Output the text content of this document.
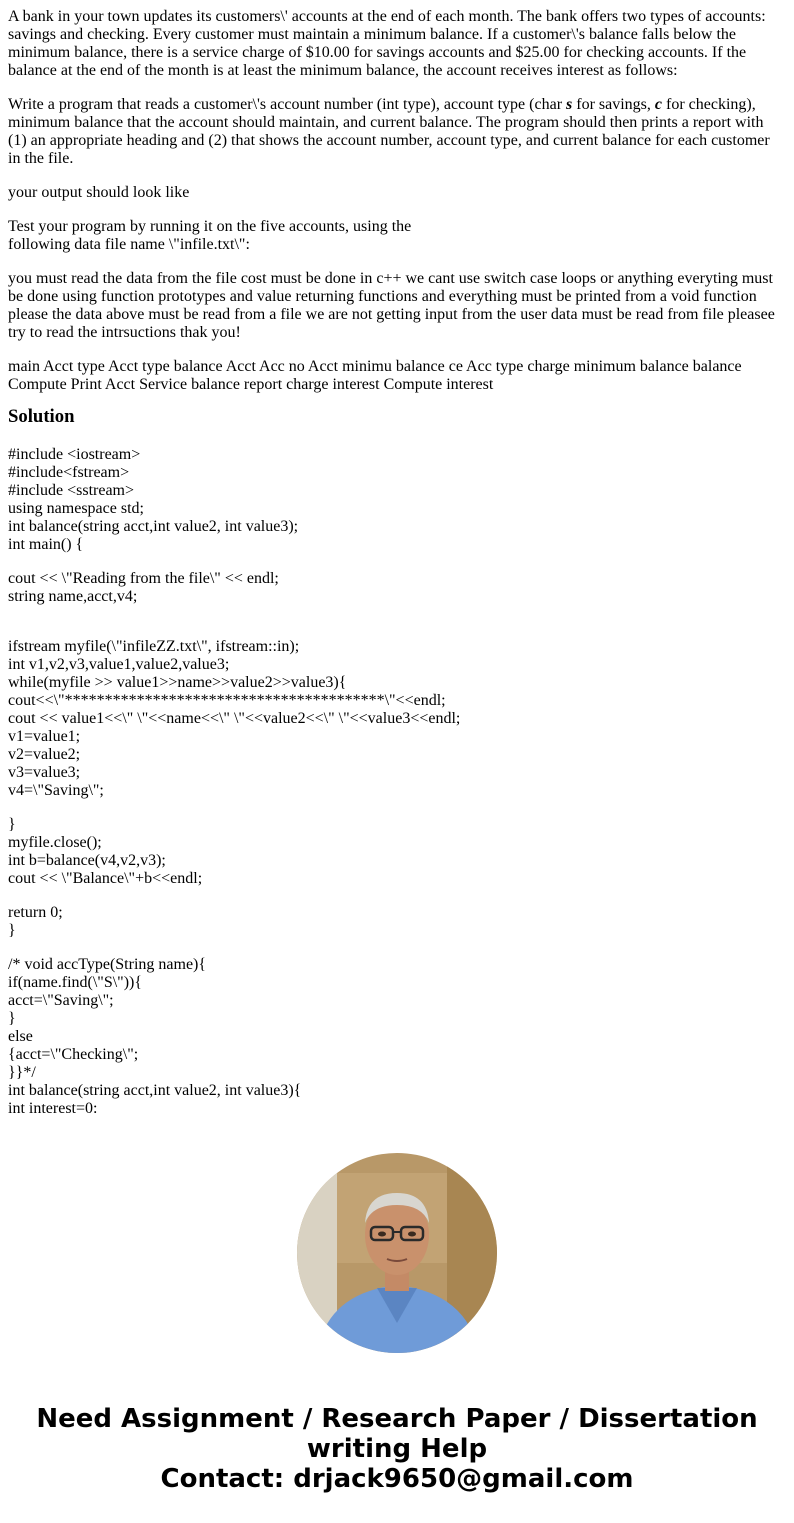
A bank in your town updates its customers\' accounts at the end of each month. The bank offers two types of accounts: savings and checking. Every customer must maintain a minimum balance. If a customer\'s balance falls below the minimum balance, there is a service charge of $10.00 for savings accounts and $25.00 for checking accounts. If the balance at the end of the month is at least the minimum balance, the account receives interest as follows:

Write a program that reads a customer\'s account number (int type), account type (char s for savings, c for checking), minimum balance that the account should maintain, and current balance. The program should then prints a report with (1) an appropriate heading and (2) that shows the account number, account type, and current balance for each customer in the file.

your output should look like

Test your program by running it on the five accounts, using the
following data file name \"infile.txt\":

you must read the data from the file cost must be done in c++ we cant use switch case loops or anything everyting must be done using function prototypes and value returning functions and everything must be printed from a void function please the data above must be read from a file we are not getting input from the user data must be read from file pleasee try to read the intrsuctions thak you!

main Acct type Acct type balance Acct Acc no Acct minimu balance ce Acc type charge minimum balance balance Compute Print Acct Service balance report charge interest Compute interest

Solution
#include <iostream>
#include<fstream>
#include <sstream>
using namespace std;
int balance(string acct,int value2, int value3);
int main() {
cout << \"Reading from the file\" << endl;
string name,acct,v4;
ifstream myfile(\"infileZZ.txt\", ifstream::in);
int v1,v2,v3,value1,value2,value3;
while(myfile >> value1>>name>>value2>>value3){
cout<<\"****************************************\"<<endl;
cout << value1<<\" \"<<name<<\" \"<<value2<<\" \"<<value3<<endl;
v1=value1;
v2=value2;
v3=value3;
v4=\"Saving\";
}
myfile.close();
int b=balance(v4,v2,v3);
cout << \"Balance\"+b<<endl;
return 0;
}
/* void accType(String name){
if(name.find(\"S\")){
acct=\"Saving\";
}
else
{acct=\"Checking\";
}}*/
int balance(string acct,int value2, int value3){
int interest=0:
Need Assignment / Research Paper / Dissertation
writing Help
Contact: drjack9650@gmail.com
